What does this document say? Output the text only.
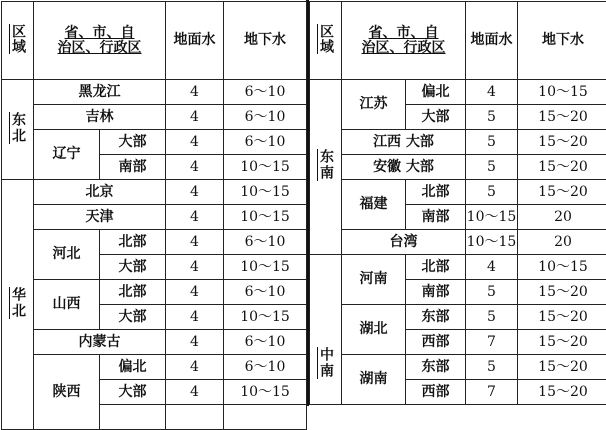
区域	省、市、自
治区、行政区		地面水	地下水
东北	黑龙江		4	6～10
	吉林		4	6～10
	辽宁	大部	4	6～10
		南部	4	10～15
华北	北京		4	10～15
	天津		4	10～15
	河北	北部	4	6～10
		大部	4	10～15
	山西	北部	4	6～10
		大部	4	10～15
	内蒙古		4	6～10
	陕西	偏北	4	6～10
		大部	4	10～15

区域	省、市、自
治区、行政区		地面水	地下水
东南	江苏	偏北	4	10～15
		大部	5	15～20
	江西 大部		5	15～20
	安徽 大部		5	15～20
	福建	北部	5	15～20
		南部	10～15	20
	台湾		10～15	20
中南	河南	北部	4	10～15
		南部	5	15～20
	湖北	东部	5	15～20
		西部	7	15～20
	湖南	东部	5	15～20
		西部	7	15～20
